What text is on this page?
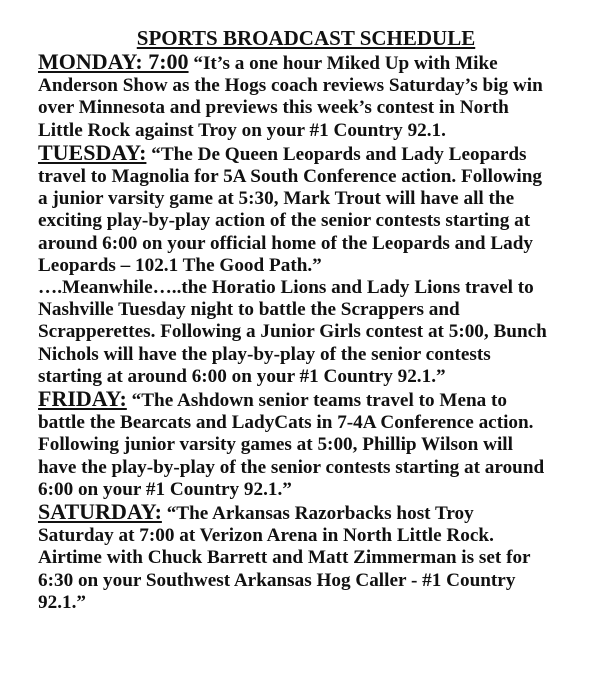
SPORTS BROADCAST SCHEDULE
MONDAY: 7:00 “It’s a one hour Miked Up with Mike
Anderson Show as the Hogs coach reviews Saturday’s big win
over Minnesota and previews this week’s contest in North
Little Rock against Troy on your #1 Country 92.1.
TUESDAY: “The De Queen Leopards and Lady Leopards
travel to Magnolia for 5A South Conference action. Following
a junior varsity game at 5:30, Mark Trout will have all the
exciting play-by-play action of the senior contests starting at
around 6:00 on your official home of the Leopards and Lady
Leopards – 102.1 The Good Path.”
….Meanwhile…..the Horatio Lions and Lady Lions travel to
Nashville Tuesday night to battle the Scrappers and
Scrapperettes. Following a Junior Girls contest at 5:00, Bunch
Nichols will have the play-by-play of the senior contests
starting at around 6:00 on your #1 Country 92.1.”
FRIDAY: “The Ashdown senior teams travel to Mena to
battle the Bearcats and LadyCats in 7-4A Conference action.
Following junior varsity games at 5:00, Phillip Wilson will
have the play-by-play of the senior contests starting at around
6:00 on your #1 Country 92.1.”
SATURDAY: “The Arkansas Razorbacks host Troy
Saturday at 7:00 at Verizon Arena in North Little Rock.
Airtime with Chuck Barrett and Matt Zimmerman is set for
6:30 on your Southwest Arkansas Hog Caller - #1 Country
92.1.”
